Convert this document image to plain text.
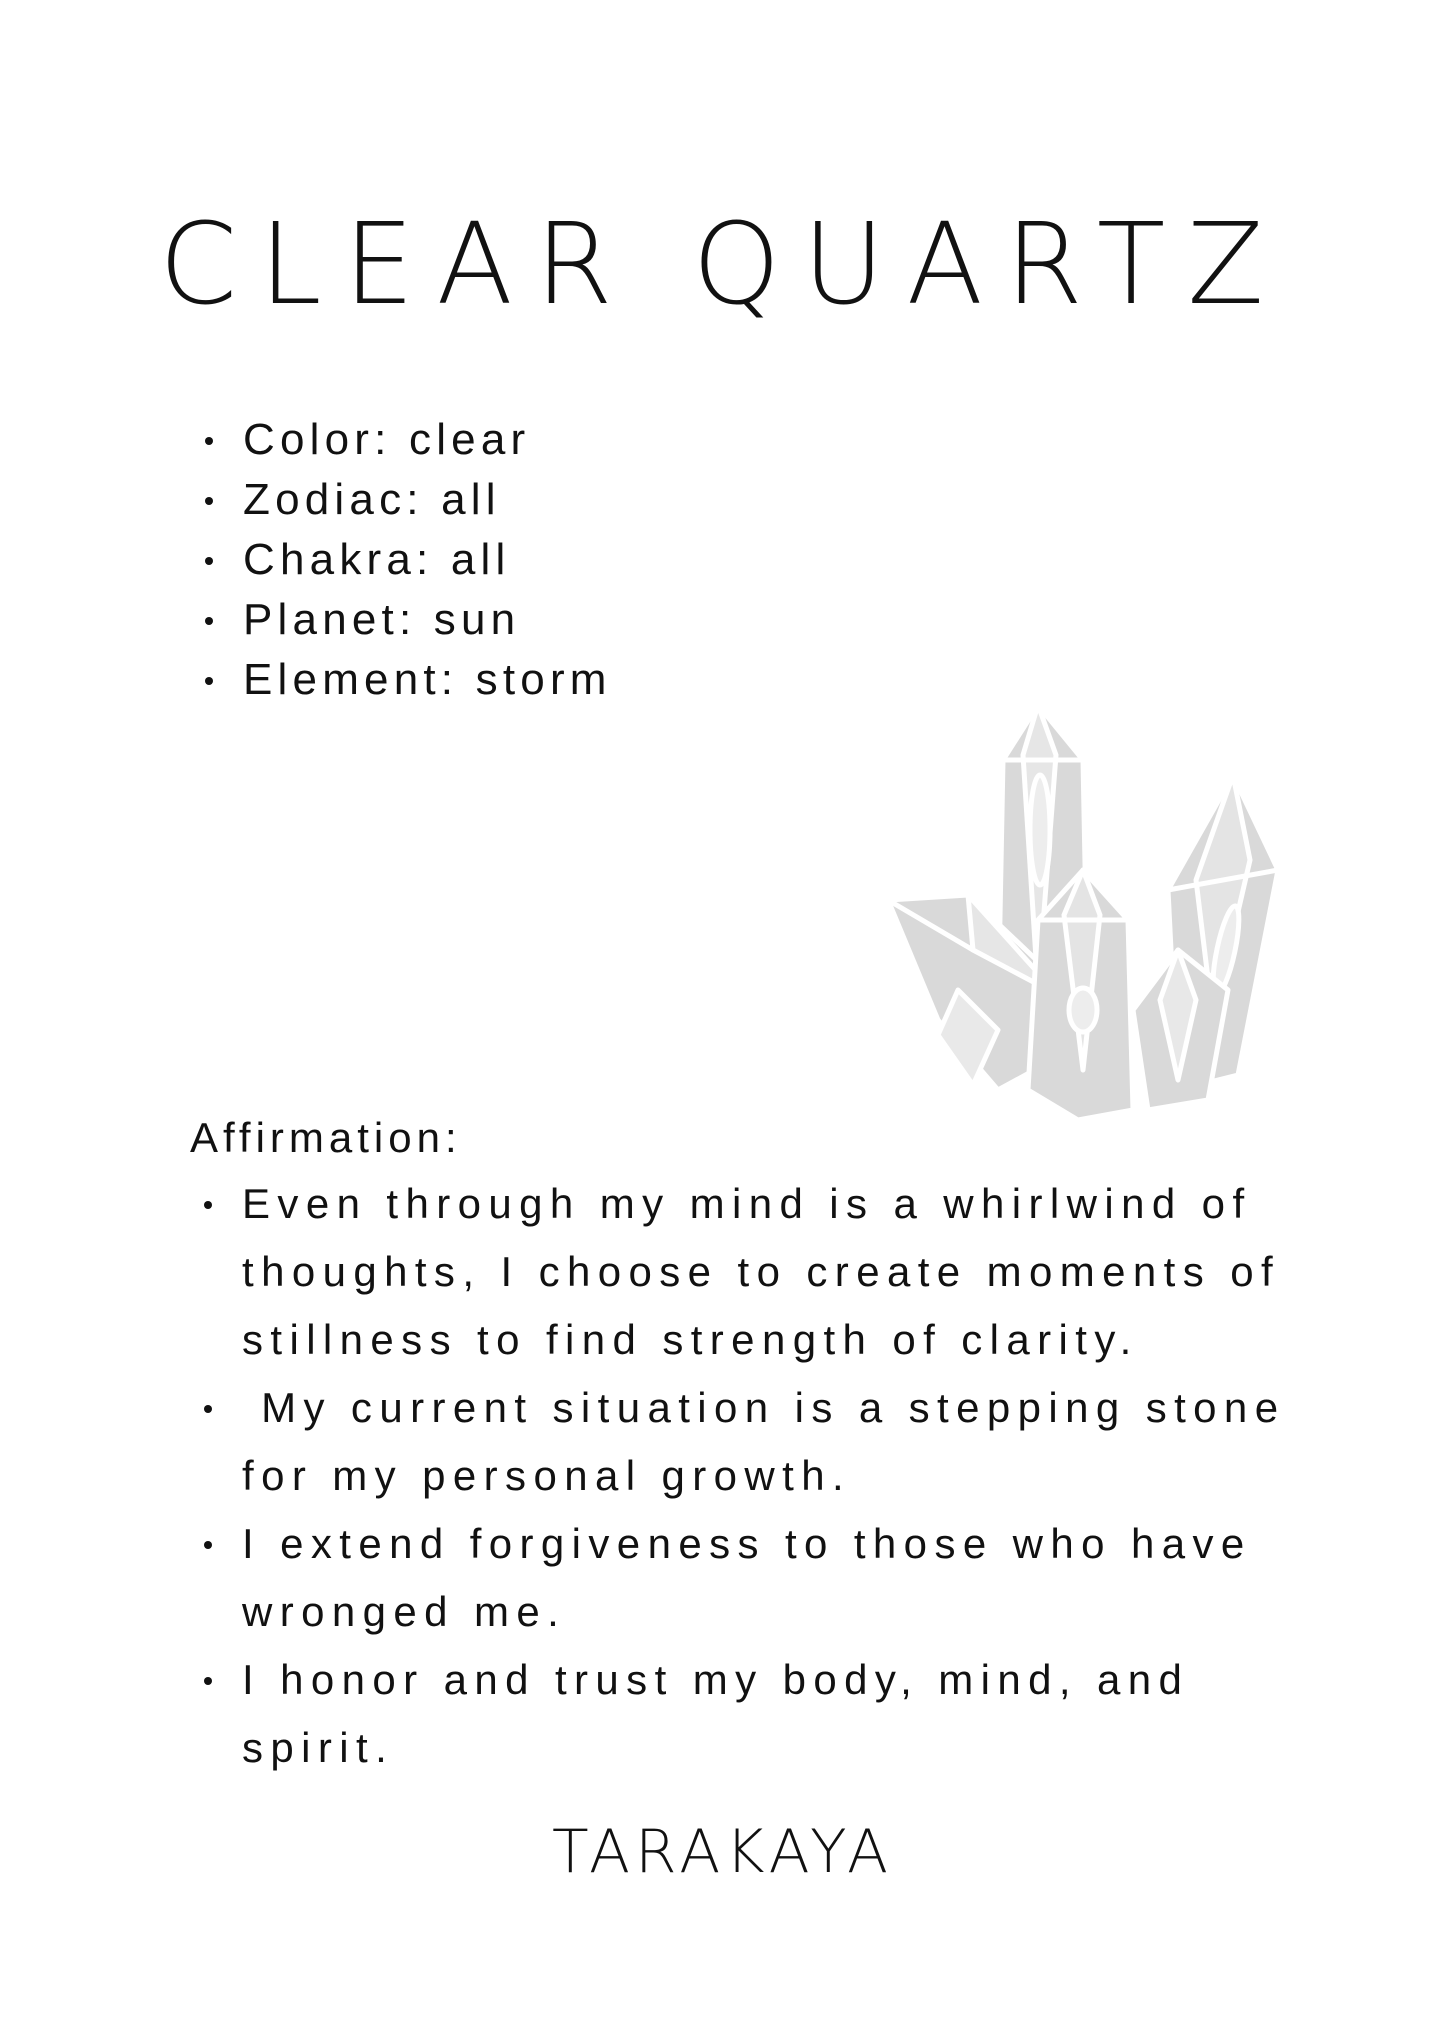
CLEAR QUARTZ
Color: clear
Zodiac: all
Chakra: all
Planet: sun
Element: storm

Affirmation:

Even through my mind is a whirlwind of thoughts, I choose to create moments of stillness to find strength of clarity.
My current situation is a stepping stone for my personal growth.
I extend forgiveness to those who have wronged me.
I honor and trust my body, mind, and spirit.

TARAKAYA
